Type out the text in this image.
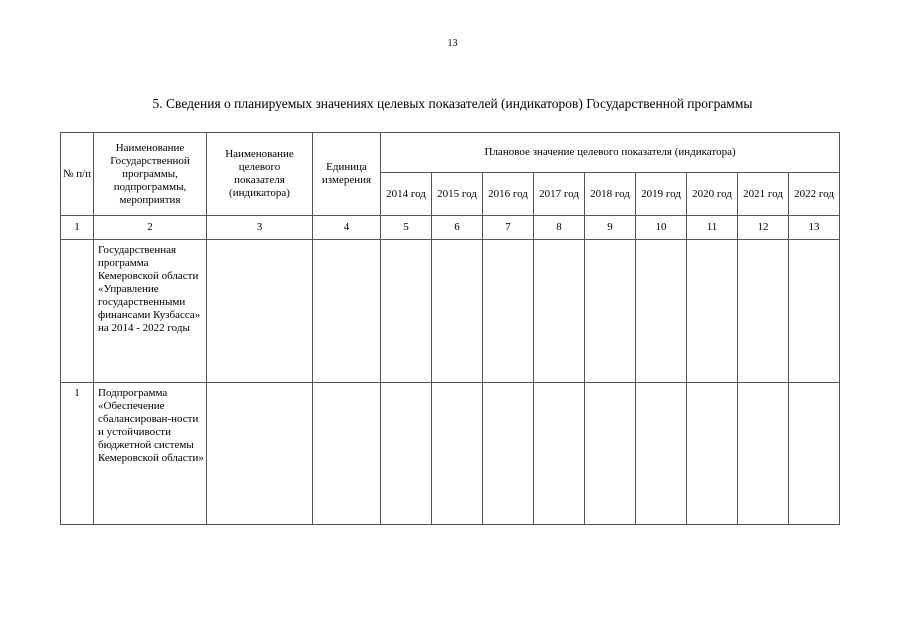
13
5. Сведения о планируемых значениях целевых показателей (индикаторов) Государственной программы
№ п/п	Наименование Государственной программы, подпрограммы, мероприятия	Наименование целевого показателя (индикатора)	Единица измерения	Плановое значение целевого показателя (индикатора)								
				2014 год	2015 год	2016 год	2017 год	2018 год	2019 год	2020 год	2021 год	2022 год
1	2	3	4	5	6	7	8	9	10	11	12	13
	Государственная программа Кемеровской области «Управление государственными финансами Кузбасса» на 2014 - 2022 годы											
1	Подпрограмма «Обеспечение сбалансирован-ности и устойчивости бюджетной системы Кемеровской области»											
